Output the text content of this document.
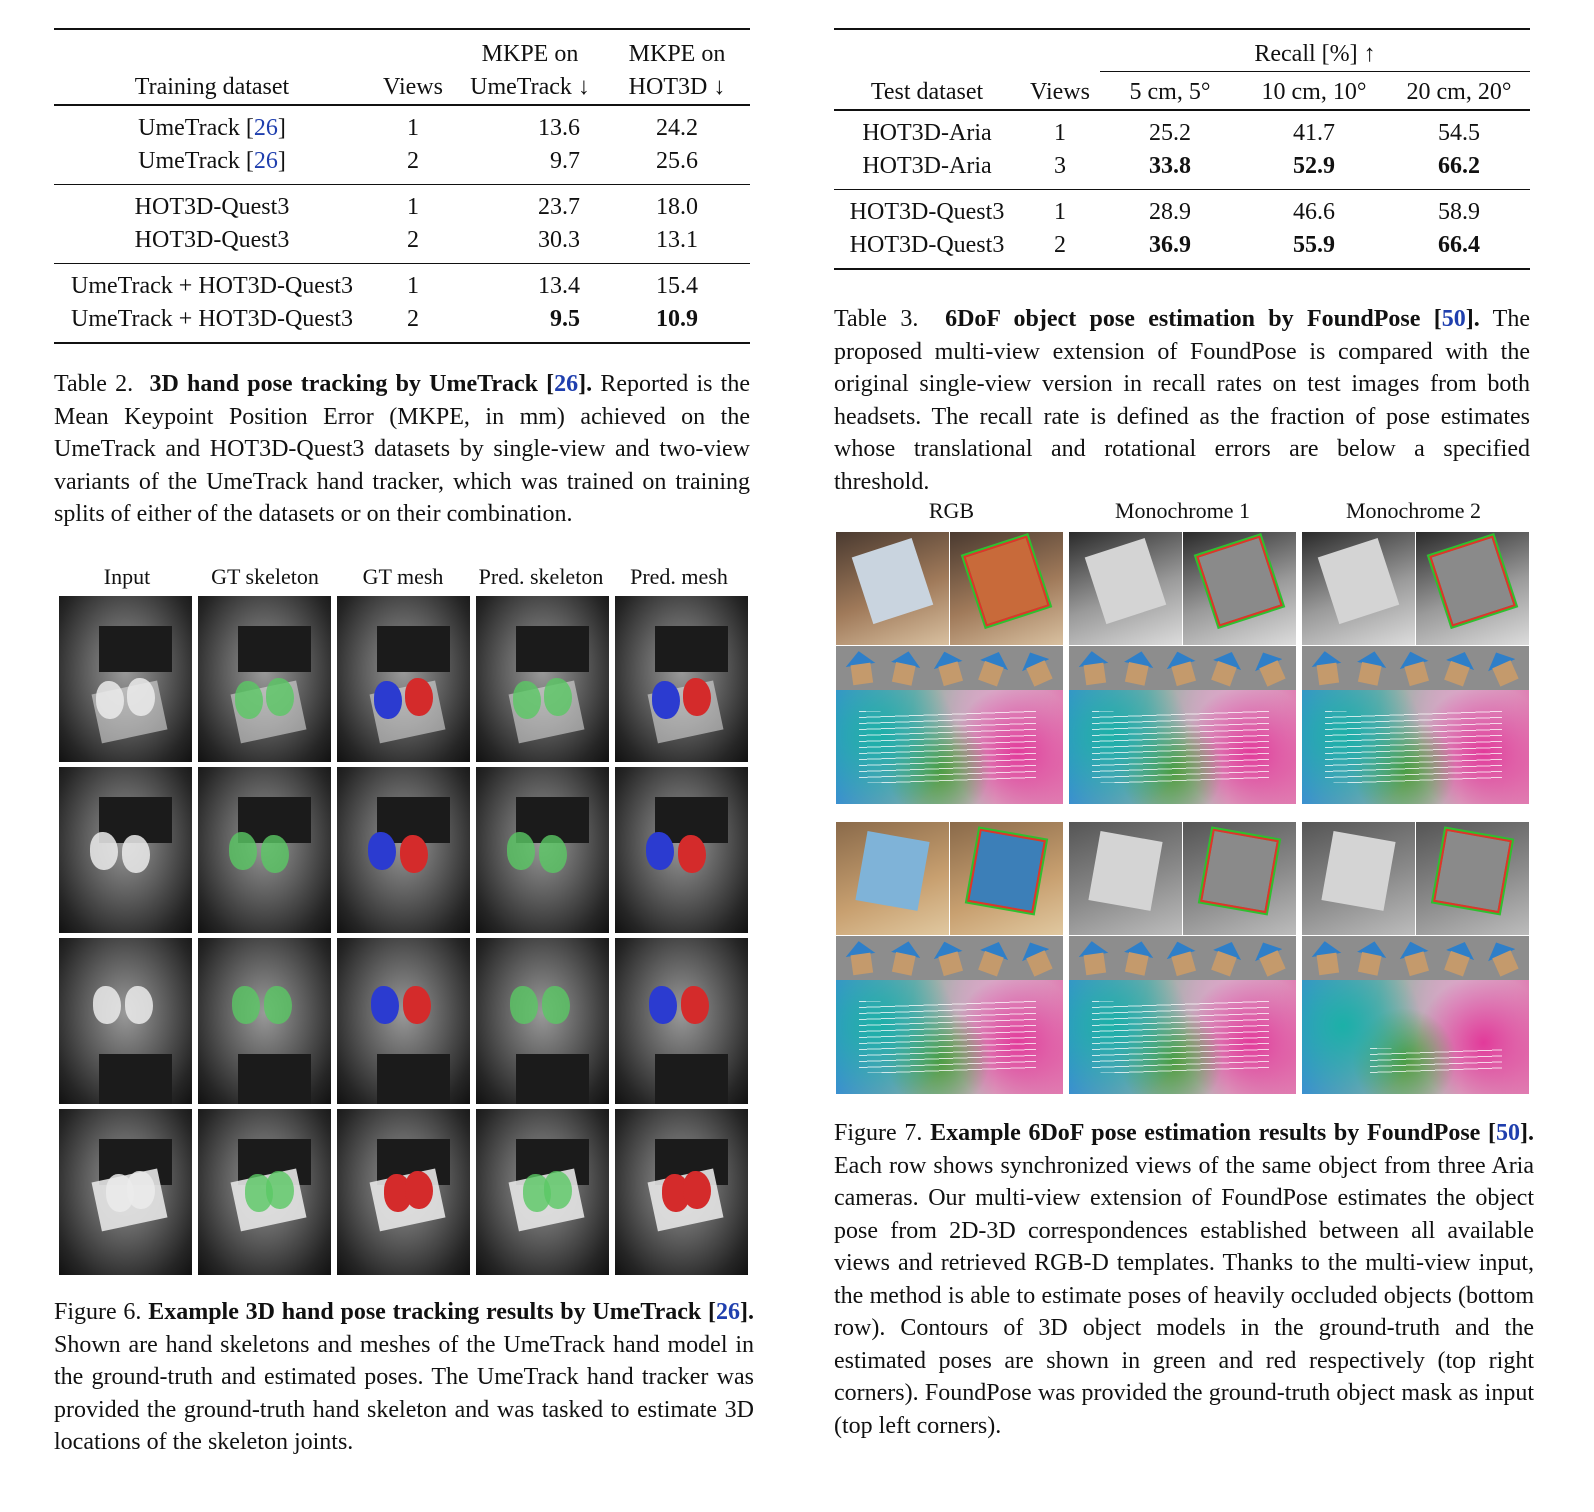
		MKPE on	MKPE on
Training dataset	Views	UmeTrack ↓	HOT3D ↓
UmeTrack [26]	1	13.6	24.2
UmeTrack [26]	2	9.7	25.6
HOT3D-Quest3	1	23.7	18.0
HOT3D-Quest3	2	30.3	13.1
UmeTrack + HOT3D-Quest3	1	13.4	15.4
UmeTrack + HOT3D-Quest3	2	9.5	10.9
Table 2. 3D hand pose tracking by UmeTrack [26]. Reported is the Mean Keypoint Position Error (MKPE, in mm) achieved on the UmeTrack and HOT3D-Quest3 datasets by single-view and two-view variants of the UmeTrack hand tracker, which was trained on training splits of either of the datasets or on their combination.
Input	GT skeleton	GT mesh	Pred. skeleton	Pred. mesh
Figure 6. Example 3D hand pose tracking results by UmeTrack [26]. Shown are hand skeletons and meshes of the UmeTrack hand model in the ground-truth and estimated poses. The UmeTrack hand tracker was provided the ground-truth hand skeleton and was tasked to estimate 3D locations of the skeleton joints.
		Recall [%] ↑		
Test dataset	Views	5 cm, 5°	10 cm, 10°	20 cm, 20°
HOT3D-Aria	1	25.2	41.7	54.5
HOT3D-Aria	3	33.8	52.9	66.2
HOT3D-Quest3	1	28.9	46.6	58.9
HOT3D-Quest3	2	36.9	55.9	66.4
Table 3. 6DoF object pose estimation by FoundPose [50]. The proposed multi-view extension of FoundPose is compared with the original single-view version in recall rates on test images from both headsets. The recall rate is defined as the fraction of pose estimates whose translational and rotational errors are below a specified threshold.
RGB	Monochrome 1	Monochrome 2
Figure 7. Example 6DoF pose estimation results by FoundPose [50]. Each row shows synchronized views of the same object from three Aria cameras. Our multi-view extension of FoundPose estimates the object pose from 2D-3D correspondences established between all available views and retrieved RGB-D templates. Thanks to the multi-view input, the method is able to estimate poses of heavily occluded objects (bottom row). Contours of 3D object models in the ground-truth and the estimated poses are shown in green and red respectively (top right corners). FoundPose was provided the ground-truth object mask as input (top left corners).
